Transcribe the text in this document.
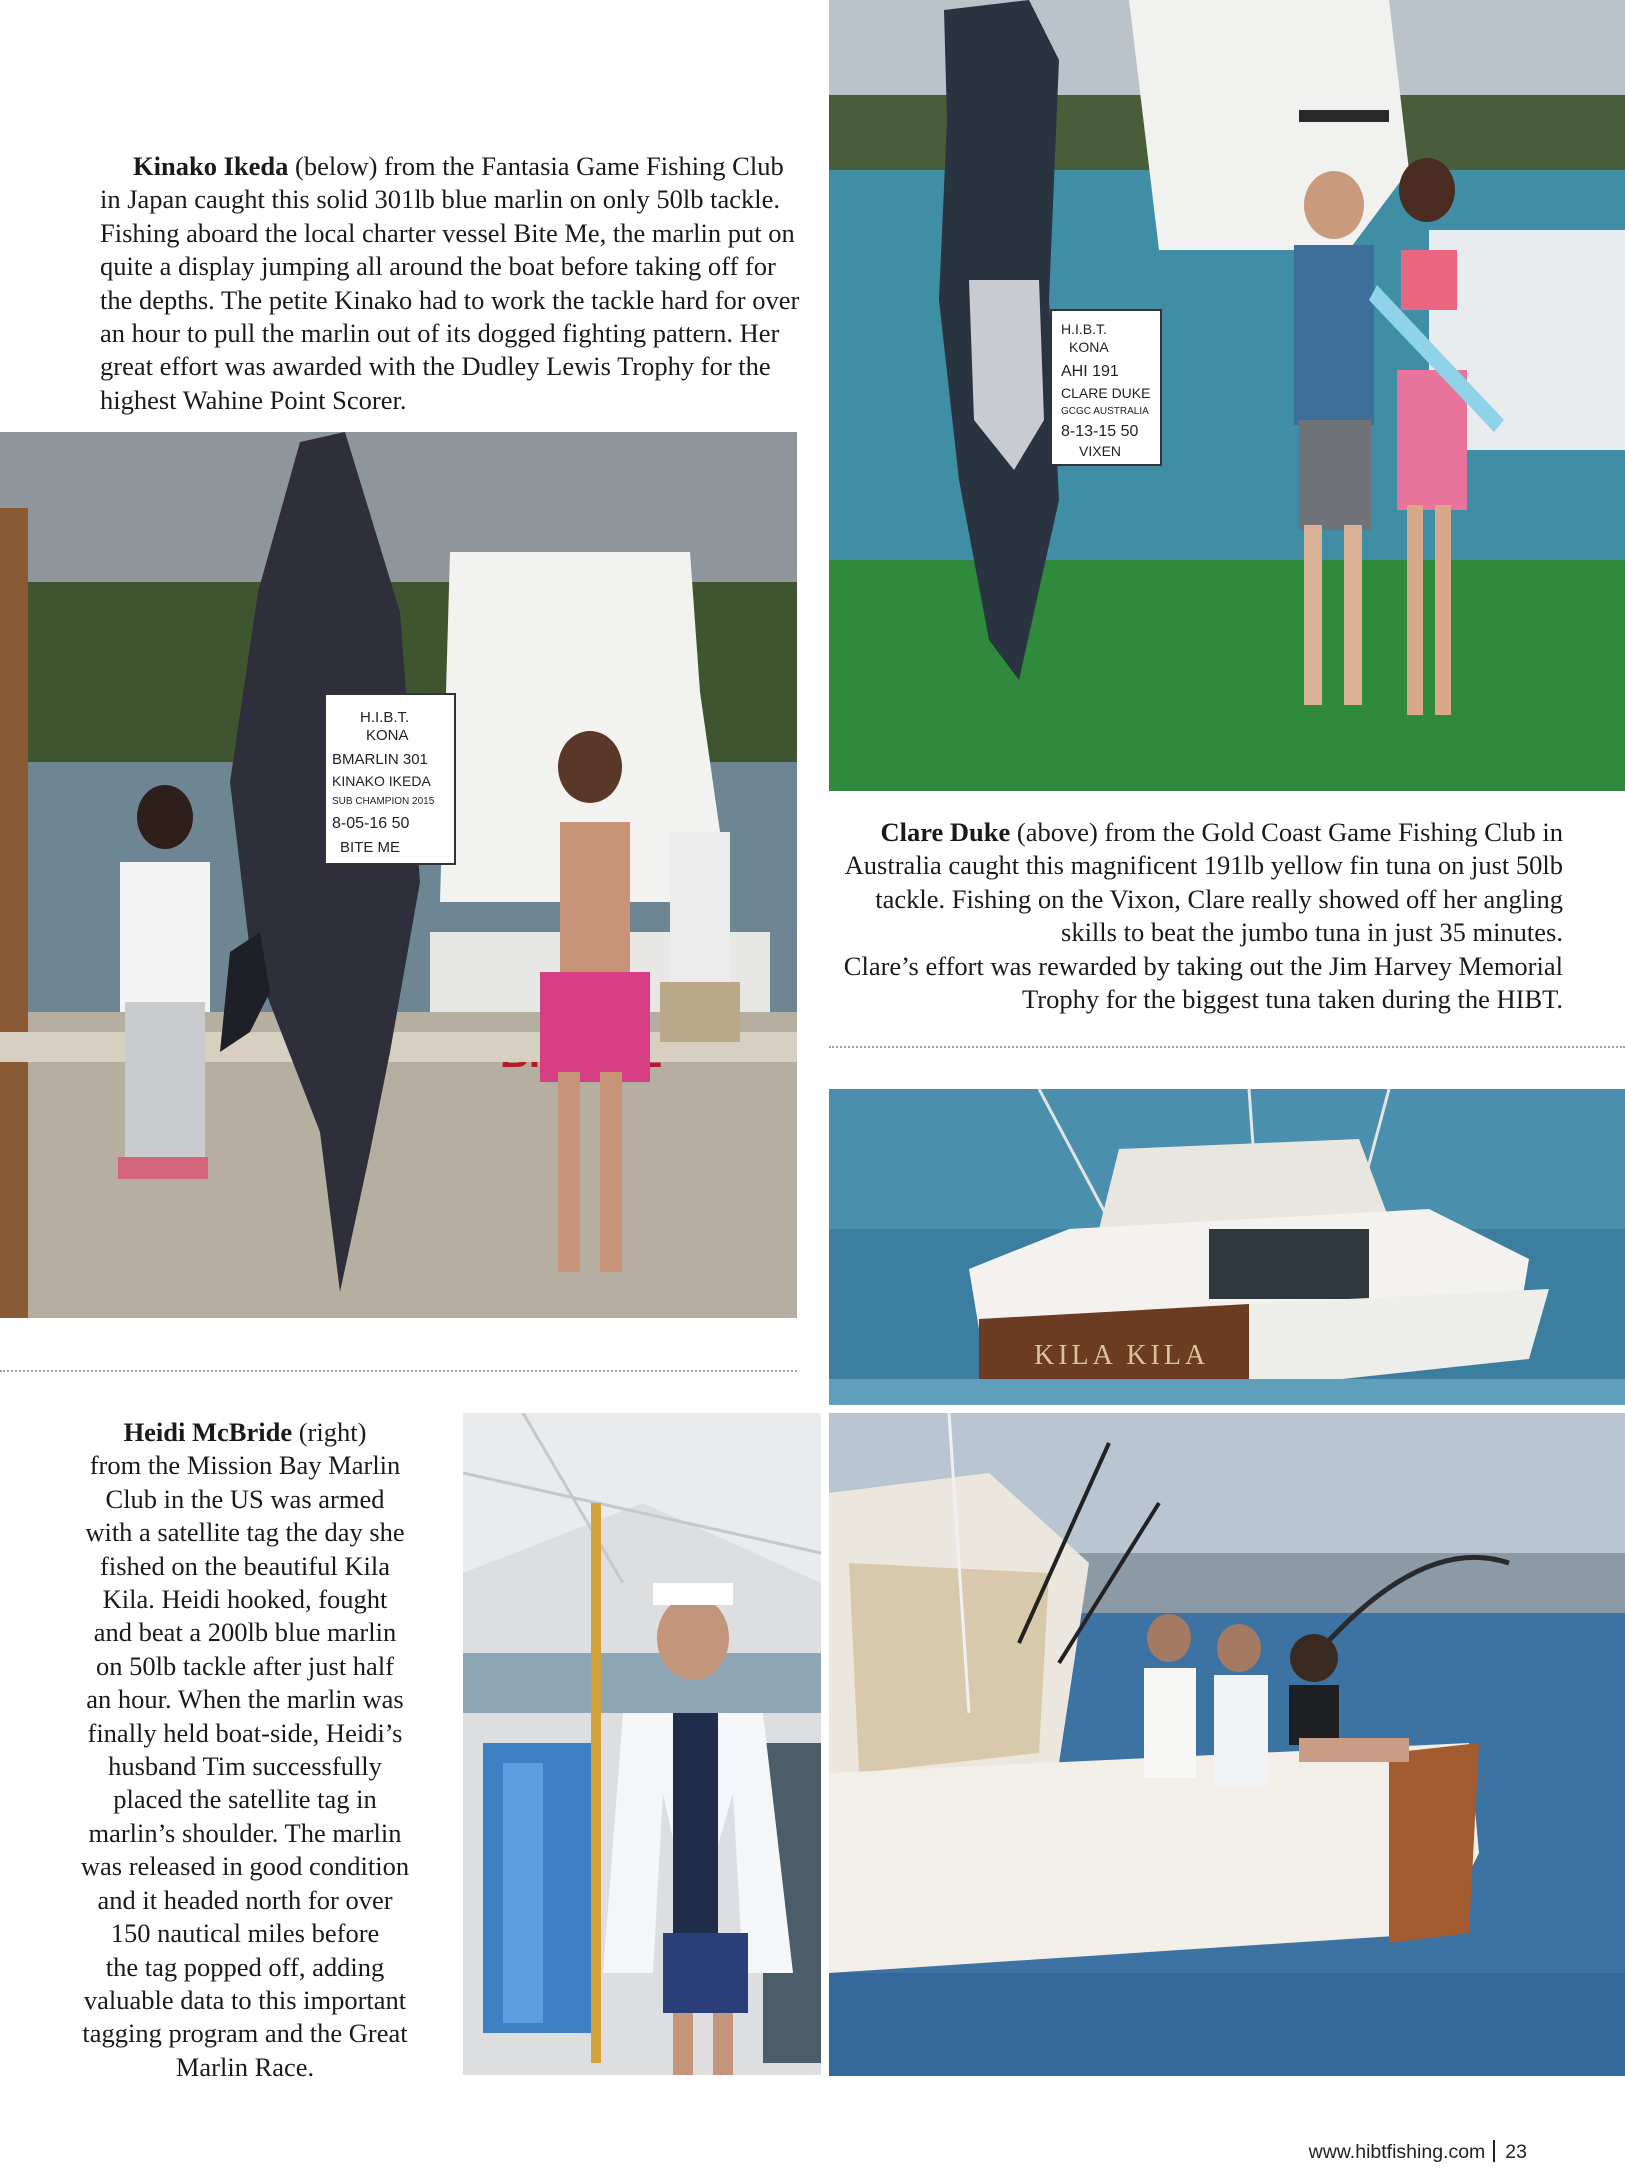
Kinako Ikeda (below) from the Fantasia Game Fishing Club in Japan caught this solid 301lb blue marlin on only 50lb tackle. Fishing aboard the local charter vessel Bite Me, the marlin put on quite a display jumping all around the boat before taking off for the depths. The petite Kinako had to work the tackle hard for over an hour to pull the marlin out of its dogged fighting pattern. Her great effort was awarded with the Dudley Lewis Trophy for the highest Wahine Point Scorer.

H.I.B.T.
KONA
AHI 191
CLARE DUKE
GCGC AUSTRALIA
8-13-15 50
VIXEN
H.I.B.T.
KONA
BMARLIN 301
KINAKO IKEDA
SUB CHAMPION 2015
8-05-16 50
BITE ME

Clare Duke (above) from the Gold Coast Game Fishing Club in Australia caught this magnificent 191lb yellow fin tuna on just 50lb tackle. Fishing on the Vixon, Clare really showed off her angling skills to beat the jumbo tuna in just 35 minutes.
Clare’s effort was rewarded by taking out the Jim Harvey Memorial Trophy for the biggest tuna taken during the HIBT.

KILA KILA
Heidi McBride (right)
from the Mission Bay Marlin
Club in the US was armed
with a satellite tag the day she
fished on the beautiful Kila
Kila. Heidi hooked, fought
and beat a 200lb blue marlin
on 50lb tackle after just half
an hour. When the marlin was
finally held boat-side, Heidi’s
husband Tim successfully
placed the satellite tag in
marlin’s shoulder. The marlin
was released in good condition
and it headed north for over
150 nautical miles before
the tag popped off, adding
valuable data to this important
tagging program and the Great
Marlin Race.
www.hibtfishing.com 23
